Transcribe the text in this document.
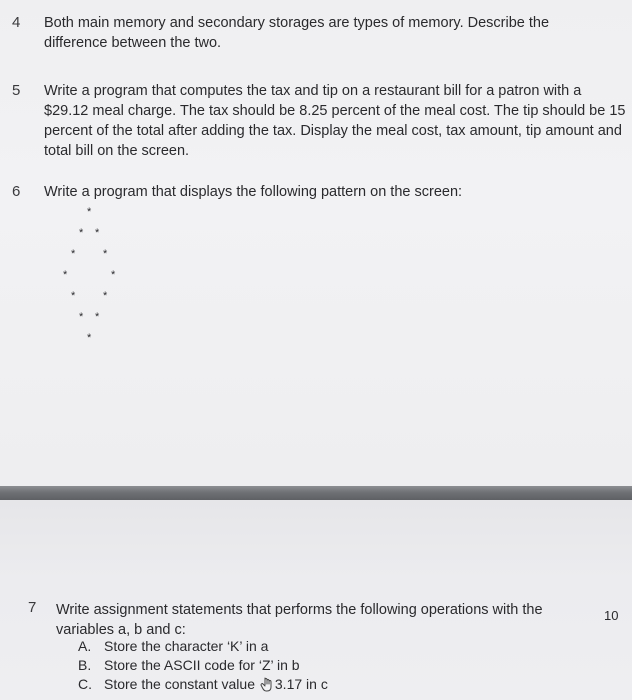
4 Both main memory and secondary storages are types of memory. Describe the difference between the two.

5 Write a program that computes the tax and tip on a restaurant bill for a patron with a $29.12 meal charge. The tax should be 8.25 percent of the meal cost. The tip should be 15 percent of the total after adding the tax. Display the meal cost, tax amount, tip amount and total bill on the screen.

6 Write a program that displays the following pattern on the screen:

*
* *
*	*
*	*
*	*
* *
*
7 Write assignment statements that performs the following operations with the variables a, b and c:

10
A. Store the character ‘K’ in a
B. Store the ASCII code for ‘Z’ in b
C. Store the constant value 3.17 in c
